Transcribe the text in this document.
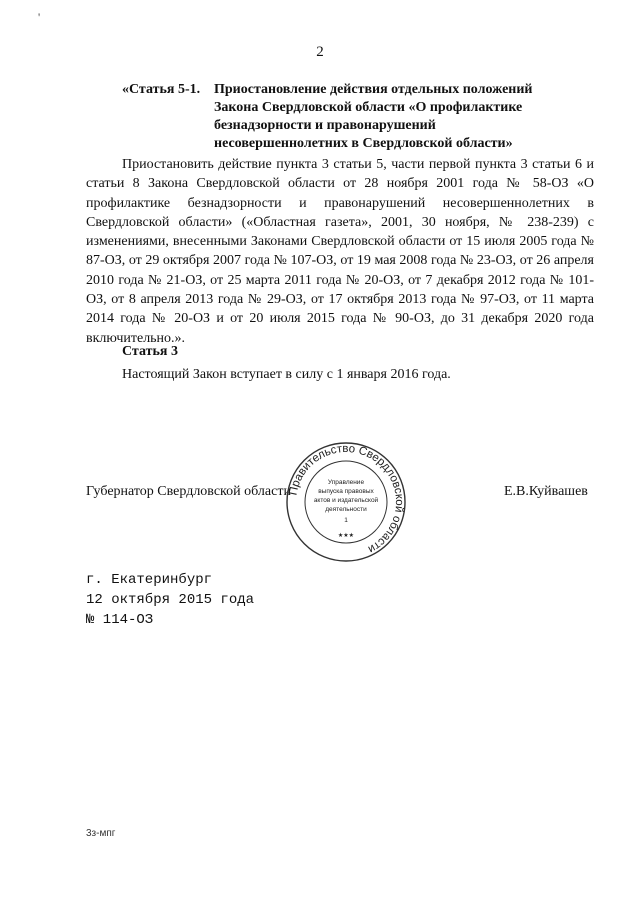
'
2
«Статья 5-1. Приостановление действия отдельных положений
Закона Свердловской области «О профилактике
безнадзорности и правонарушений
несовершеннолетних в Свердловской области»

Приостановить действие пункта 3 статьи 5, части первой пункта 3 статьи 6 и статьи 8 Закона Свердловской области от 28 ноября 2001 года № 58-ОЗ «О профилактике безнадзорности и правонарушений несовершеннолетних в Свердловской области» («Областная газета», 2001, 30 ноября, № 238-239) с изменениями, внесенными Законами Свердловской области от 15 июля 2005 года № 87-ОЗ, от 29 октября 2007 года № 107-ОЗ, от 19 мая 2008 года № 23-ОЗ, от 26 апреля 2010 года № 21-ОЗ, от 25 марта 2011 года № 20-ОЗ, от 7 декабря 2012 года № 101-ОЗ, от 8 апреля 2013 года № 29-ОЗ, от 17 октября 2013 года № 97-ОЗ, от 11 марта 2014 года № 20-ОЗ и от 20 июля 2015 года № 90-ОЗ, до 31 декабря 2020 года включительно.».

Статья 3
Настоящий Закон вступает в силу с 1 января 2016 года.
Губернатор Свердловской области	Е.В.Куйвашев
Правительство Свердловской области
Управление
выпуска правовых
актов и издательской
деятельности
1
★★★
г. Екатеринбург
12 октября 2015 года
№ 114-ОЗ
3з-мпг
